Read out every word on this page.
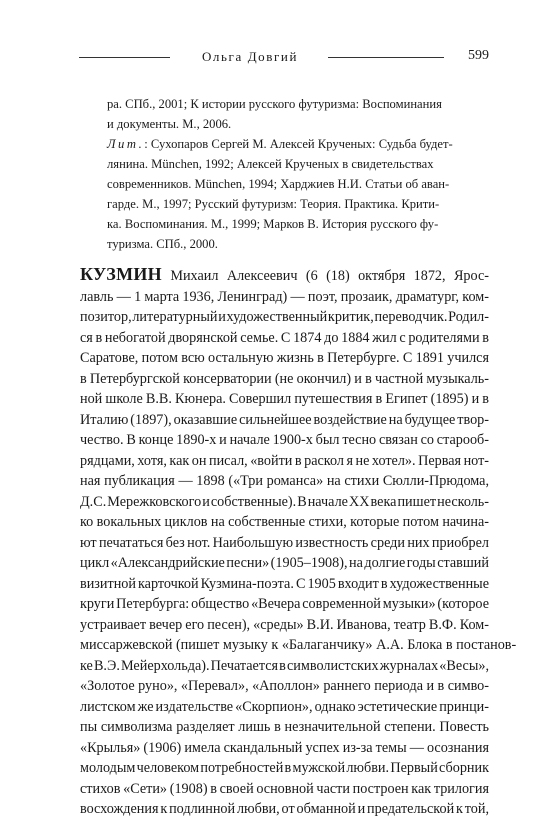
Ольга Довгий	599

ра. СПб., 2001; К истории русского футуризма: Воспоминания

и документы. М., 2006.

Лит.: Сухопаров Сергей М. Алексей Крученых: Судьба будет-

лянина. München, 1992; Алексей Крученых в свидетельствах

современников. München, 1994; Харджиев Н.И. Статьи об аван-

гарде. М., 1997; Русский футуризм: Теория. Практика. Крити-

ка. Воспоминания. М., 1999; Марков В. История русского фу-

туризма. СПб., 2000.

КУЗМИН Михаил Алексеевич (6 (18) октября 1872, Ярос-

лавль — 1 марта 1936, Ленинград) — поэт, прозаик, драматург, ком-

позитор, литературный и художественный критик, переводчик. Родил-

ся в небогатой дворянской семье. С 1874 до 1884 жил с родителями в

Саратове, потом всю остальную жизнь в Петербурге. С 1891 учился

в Петербургской консерватории (не окончил) и в частной музыкаль-

ной школе В.В. Кюнера. Совершил путешествия в Египет (1895) и в

Италию (1897), оказавшие сильнейшее воздействие на будущее твор-

чество. В конце 1890-х и начале 1900-х был тесно связан со старооб-

рядцами, хотя, как он писал, «войти в раскол я не хотел». Первая нот-

ная публикация — 1898 («Три романса» на стихи Сюлли-Прюдома,

Д.С. Мережковского и собственные). В начале XX века пишет несколь-

ко вокальных циклов на собственные стихи, которые потом начина-

ют печататься без нот. Наибольшую известность среди них приобрел

цикл «Александрийские песни» (1905–1908), на долгие годы ставший

визитной карточкой Кузмина-поэта. С 1905 входит в художественные

круги Петербурга: общество «Вечера современной музыки» (которое

устраивает вечер его песен), «среды» В.И. Иванова, театр В.Ф. Ком-

миссаржевской (пишет музыку к «Балаганчику» А.А. Блока в постанов-

ке В.Э. Мейерхольда). Печатается в символистских журналах «Весы»,

«Золотое руно», «Перевал», «Аполлон» раннего периода и в симво-

листском же издательстве «Скорпион», однако эстетические принци-

пы символизма разделяет лишь в незначительной степени. Повесть

«Крылья» (1906) имела скандальный успех из-за темы — осознания

молодым человеком потребностей в мужской любви. Первый сборник

стихов «Сети» (1908) в своей основной части построен как трилогия

восхождения к подлинной любви, от обманной и предательской к той,
